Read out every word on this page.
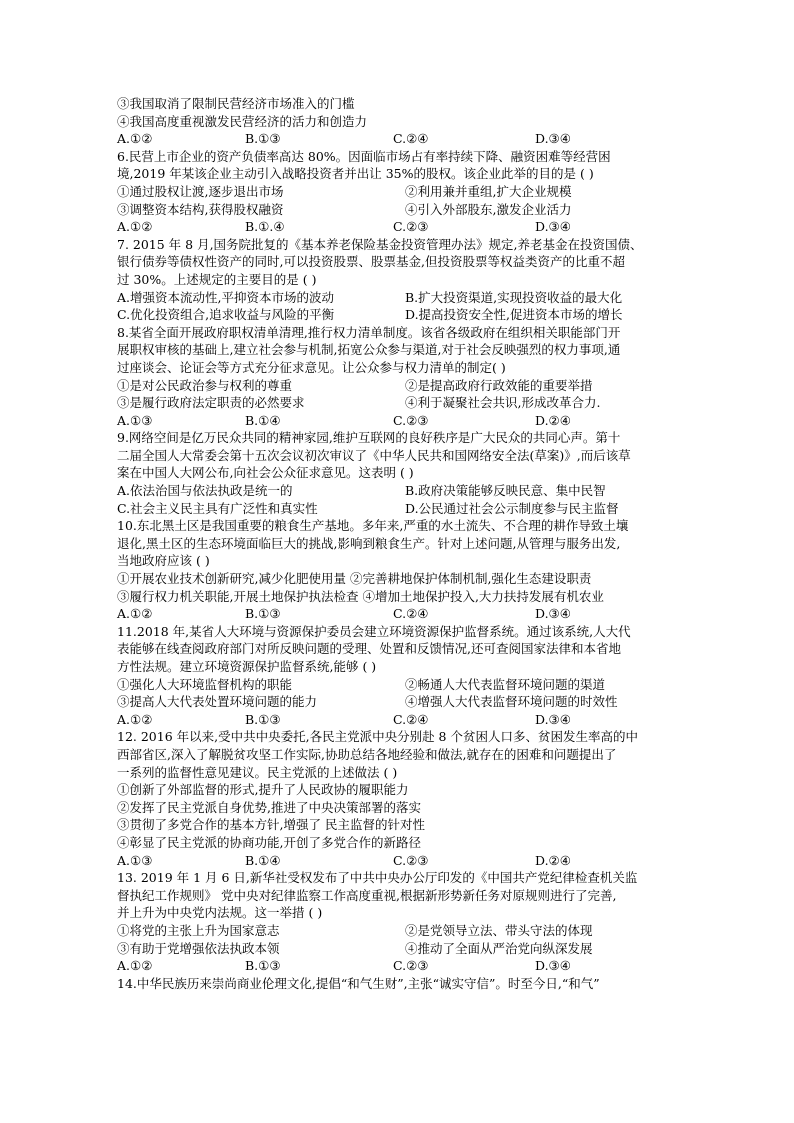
③我国取消了限制民营经济市场准入的门槛
④我国高度重视激发民营经济的活力和创造力
A.①②	B.①③	C.②④	D.③④
6.民营上市企业的资产负债率高达 80%。因面临市场占有率持续下降、融资困难等经营困
境,2019 年某该企业主动引入战略投资者并出让 35%的股权。该企业此举的目的是 ( )
①通过股权让渡,逐步退出市场	②利用兼并重组,扩大企业规模
③调整资本结构,获得股权融资	④引入外部股东,激发企业活力
A.①②	B.①.④	C.②③	D.③④
7. 2015 年 8 月,国务院批复的《基本养老保险基金投资管理办法》规定,养老基金在投资国债、
银行债券等债权性资产的同时,可以投资股票、股票基金,但投资股票等权益类资产的比重不超
过 30%。上述规定的主要目的是 ( )
A.增强资本流动性,平抑资本市场的波动	B.扩大投资渠道,实现投资收益的最大化
C.优化投资组合,追求收益与风险的平衡	D.提高投资安全性,促进资本市场的增长
8.某省全面开展政府职权清单清理,推行权力清单制度。该省各级政府在组织相关职能部门开
展职权审核的基础上,建立社会参与机制,拓宽公众参与渠道,对于社会反映强烈的权力事项,通
过座谈会、论证会等方式充分征求意见。让公众参与权力清单的制定( )
①是对公民政治参与权利的尊重	②是提高政府行政效能的重要举措
③是履行政府法定职责的必然要求	④利于凝聚社会共识,形成改革合力.
A.①③	B.①④	C.②③	D.②④
9.网络空间是亿万民众共同的精神家园,维护互联网的良好秩序是广大民众的共同心声。第十
二届全国人大常委会第十五次会议初次审议了《中华人民共和国网络安全法(草案)》,而后该草
案在中国人大网公布,向社会公众征求意见。这表明 ( )
A.依法治国与依法执政是统一的	B.政府决策能够反映民意、集中民智
C.社会主义民主具有广泛性和真实性	D.公民通过社会公示制度参与民主监督
10.东北黑土区是我国重要的粮食生产基地。多年来,严重的水土流失、不合理的耕作导致土壤
退化,黑土区的生态环境面临巨大的挑战,影响到粮食生产。针对上述问题,从管理与服务出发,
当地政府应该 ( )
①开展农业技术创新研究,减少化肥使用量 ②完善耕地保护体制机制,强化生态建设职责
③履行权力机关职能,开展土地保护执法检查 ④增加土地保护投入,大力扶持发展有机农业
A.①②	B.①③	C.②④	D.③④
11.2018 年,某省人大环境与资源保护委员会建立环境资源保护监督系统。通过该系统,人大代
表能够在线查阅政府部门对所反映问题的受理、处置和反馈情况,还可查阅国家法律和本省地
方性法规。建立环境资源保护监督系统,能够 ( )
①强化人大环境监督机构的职能	②畅通人大代表监督环境问题的渠道
③提高人大代表处置环境问题的能力	④增强人大代表监督环境问题的时效性
A.①②	B.①③	C.②④	D.③④
12. 2016 年以来,受中共中央委托,各民主党派中央分别赴 8 个贫困人口多、贫困发生率高的中
西部省区,深入了解脱贫攻坚工作实际,协助总结各地经验和做法,就存在的困难和问题提出了
一系列的监督性意见建议。民主党派的上述做法 ( )
①创新了外部监督的形式,提升了人民政协的履职能力
②发挥了民主党派自身优势,推进了中央决策部署的落实
③贯彻了多党合作的基本方针,增强了 民主监督的针对性
④彰显了民主党派的协商功能,开创了多党合作的新路径
A.①③	B.①④	C.②③	D.②④
13. 2019 年 1 月 6 日,新华社受权发布了中共中央办公厅印发的《中国共产党纪律检查机关监
督执纪工作规则》 党中央对纪律监察工作高度重视,根据新形势新任务对原规则进行了完善,
并上升为中央党内法规。这一举措 ( )
①将党的主张上升为国家意志	②是党领导立法、带头守法的体现
③有助于党增强依法执政本领	④推动了全面从严治党向纵深发展
A.①②	B.①③	C.②③	D.③④
14.中华民族历来崇尚商业伦理文化,提倡“和气生财”,主张“诚实守信”。时至今日,“和气”
